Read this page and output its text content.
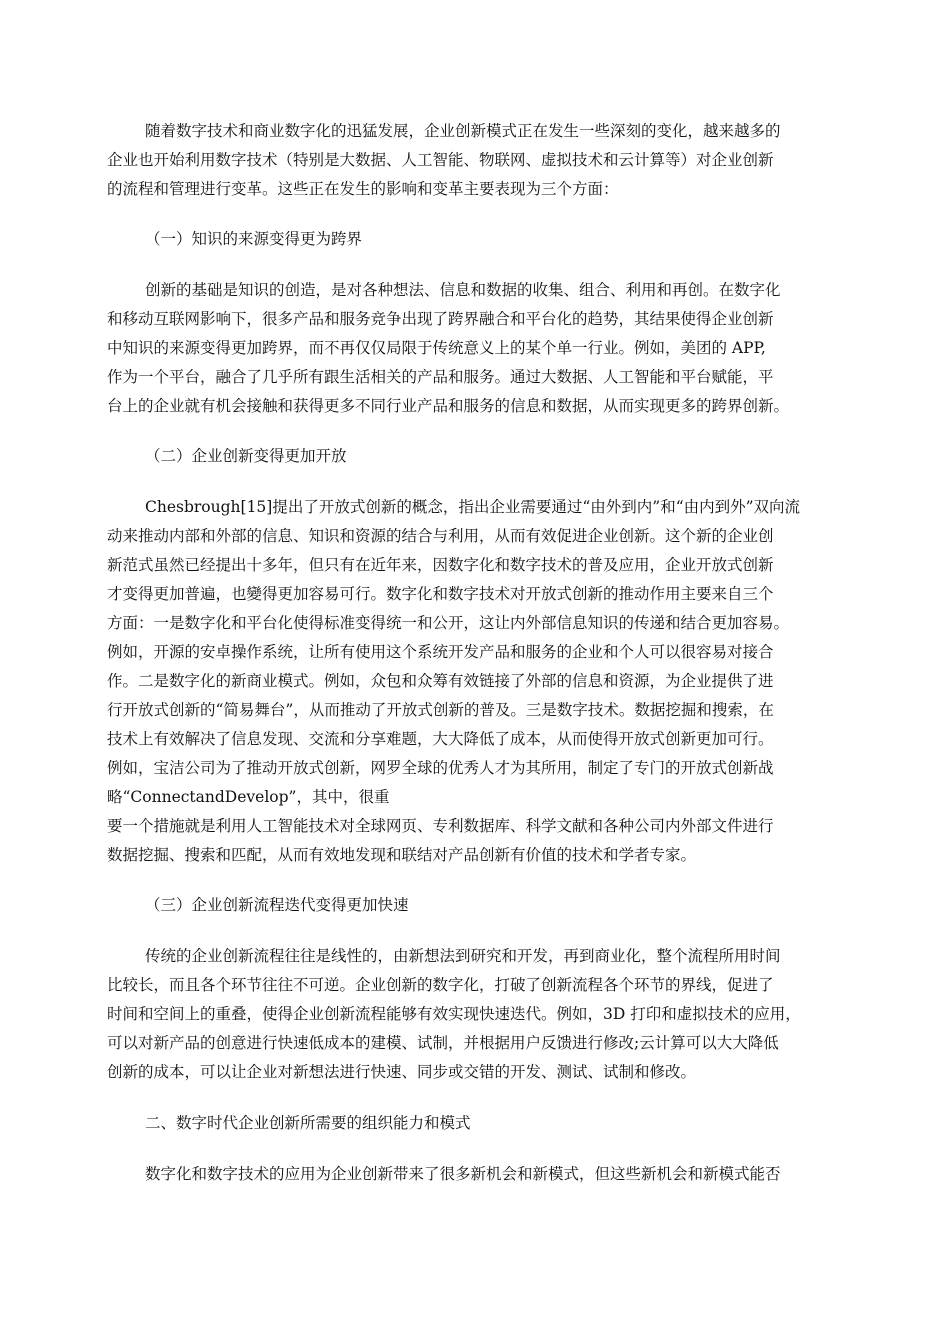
随着数字技术和商业数字化的迅猛发展，企业创新模式正在发生一些深刻的变化，越来越多的
企业也开始利用数字技术（特别是大数据、人工智能、物联网、虚拟技术和云计算等）对企业创新
的流程和管理进行变革。这些正在发生的影响和变革主要表现为三个方面：
（一）知识的来源变得更为跨界
创新的基础是知识的创造，是对各种想法、信息和数据的收集、组合、利用和再创。在数字化
和移动互联网影响下，很多产品和服务竞争出现了跨界融合和平台化的趋势，其结果使得企业创新
中知识的来源变得更加跨界，而不再仅仅局限于传统意义上的某个单一行业。例如，美团的 APP,
作为一个平台，融合了几乎所有跟生活相关的产品和服务。通过大数据、人工智能和平台赋能，平
台上的企业就有机会接触和获得更多不同行业产品和服务的信息和数据，从而实现更多的跨界创新。
（二）企业创新变得更加开放
Chesbrough[15]提出了开放式创新的概念，指出企业需要通过“由外到内”和“由内到外”双向流
动来推动内部和外部的信息、知识和资源的结合与利用，从而有效促进企业创新。这个新的企业创
新范式虽然已经提出十多年，但只有在近年来，因数字化和数字技术的普及应用，企业开放式创新
才变得更加普遍，也變得更加容易可行。数字化和数字技术对开放式创新的推动作用主要来自三个
方面：一是数字化和平台化使得标准变得统一和公开，这让内外部信息知识的传递和结合更加容易。
例如，开源的安卓操作系统，让所有使用这个系统开发产品和服务的企业和个人可以很容易对接合
作。二是数字化的新商业模式。例如，众包和众筹有效链接了外部的信息和资源，为企业提供了进
行开放式创新的“简易舞台”，从而推动了开放式创新的普及。三是数字技术。数据挖掘和搜索，在
技术上有效解决了信息发现、交流和分享难题，大大降低了成本，从而使得开放式创新更加可行。
例如，宝洁公司为了推动开放式创新，网罗全球的优秀人才为其所用，制定了专门的开放式创新战
略“ConnectandDevelop”，其中，很重
要一个措施就是利用人工智能技术对全球网页、专利数据库、科学文献和各种公司内外部文件进行
数据挖掘、搜索和匹配，从而有效地发现和联结对产品创新有价值的技术和学者专家。
（三）企业创新流程迭代变得更加快速
传统的企业创新流程往往是线性的，由新想法到研究和开发，再到商业化，整个流程所用时间
比较长，而且各个环节往往不可逆。企业创新的数字化，打破了创新流程各个环节的界线，促进了
时间和空间上的重叠，使得企业创新流程能够有效实现快速迭代。例如，3D 打印和虚拟技术的应用，
可以对新产品的创意进行快速低成本的建模、试制，并根据用户反馈进行修改;云计算可以大大降低
创新的成本，可以让企业对新想法进行快速、同步或交错的开发、测试、试制和修改。
二、数字时代企业创新所需要的组织能力和模式
数字化和数字技术的应用为企业创新带来了很多新机会和新模式，但这些新机会和新模式能否
